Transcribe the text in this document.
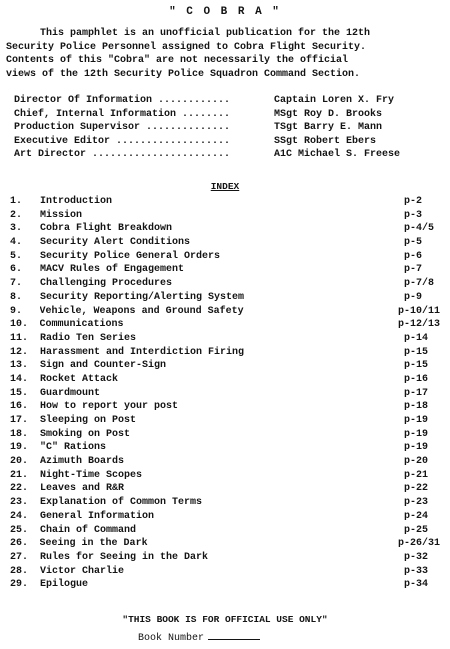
" C O B R A "
This pamphlet is an unofficial publication for the 12th
Security Police Personnel assigned to Cobra Flight Security.
Contents of this "Cobra" are not necessarily the official
views of the 12th Security Police Squadron Command Section.
Director Of Information ............	Captain Loren X. Fry
Chief, Internal Information ........	MSgt Roy D. Brooks
Production Supervisor ..............	TSgt Barry E. Mann
Executive Editor ...................	SSgt Robert Ebers
Art Director .......................	A1C Michael S. Freese
INDEX
1.	Introduction	p-2
2.	Mission	p-3
3.	Cobra Flight Breakdown	p-4/5
4.	Security Alert Conditions	p-5
5.	Security Police General Orders	p-6
6.	MACV Rules of Engagement	p-7
7.	Challenging Procedures	p-7/8
8.	Security Reporting/Alerting System	p-9
9.	Vehicle, Weapons and Ground Safety	p-10/11
10.	Communications	p-12/13
11.	Radio Ten Series	p-14
12.	Harassment and Interdiction Firing	p-15
13.	Sign and Counter-Sign	p-15
14.	Rocket Attack	p-16
15.	Guardmount	p-17
16.	How to report your post	p-18
17.	Sleeping on Post	p-19
18.	Smoking on Post	p-19
19.	"C" Rations	p-19
20.	Azimuth Boards	p-20
21.	Night-Time Scopes	p-21
22.	Leaves and R&R	p-22
23.	Explanation of Common Terms	p-23
24.	General Information	p-24
25.	Chain of Command	p-25
26.	Seeing in the Dark	p-26/31
27.	Rules for Seeing in the Dark	p-32
28.	Victor Charlie	p-33
29.	Epilogue	p-34
"THIS BOOK IS FOR OFFICIAL USE ONLY"
Book Number
